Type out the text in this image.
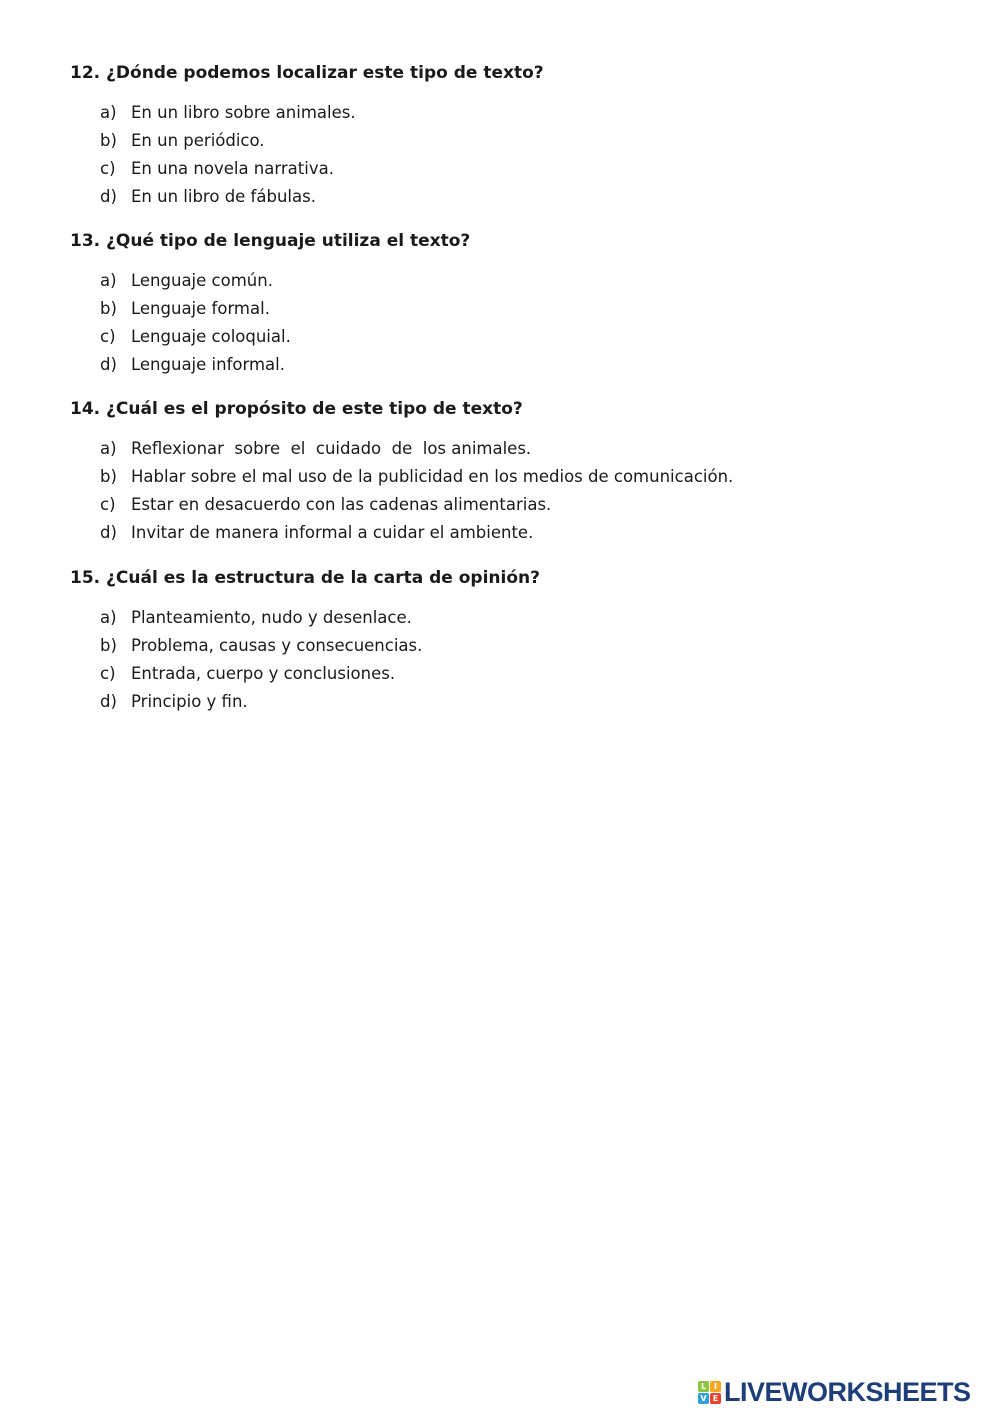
12. ¿Dónde podemos localizar este tipo de texto?
a) En un libro sobre animales.
b) En un periódico.
c) En una novela narrativa.
d) En un libro de fábulas.
13. ¿Qué tipo de lenguaje utiliza el texto?
a) Lenguaje común.
b) Lenguaje formal.
c) Lenguaje coloquial.
d) Lenguaje informal.
14. ¿Cuál es el propósito de este tipo de texto?
a) Reflexionar  sobre  el  cuidado  de  los animales.
b) Hablar sobre el mal uso de la publicidad en los medios de comunicación.
c) Estar en desacuerdo con las cadenas alimentarias.
d) Invitar de manera informal a cuidar el ambiente.
15. ¿Cuál es la estructura de la carta de opinión?
a) Planteamiento, nudo y desenlace.
b) Problema, causas y consecuencias.
c) Entrada, cuerpo y conclusiones.
d) Principio y fin.
L I
V E LIVEWORKSHEETS
